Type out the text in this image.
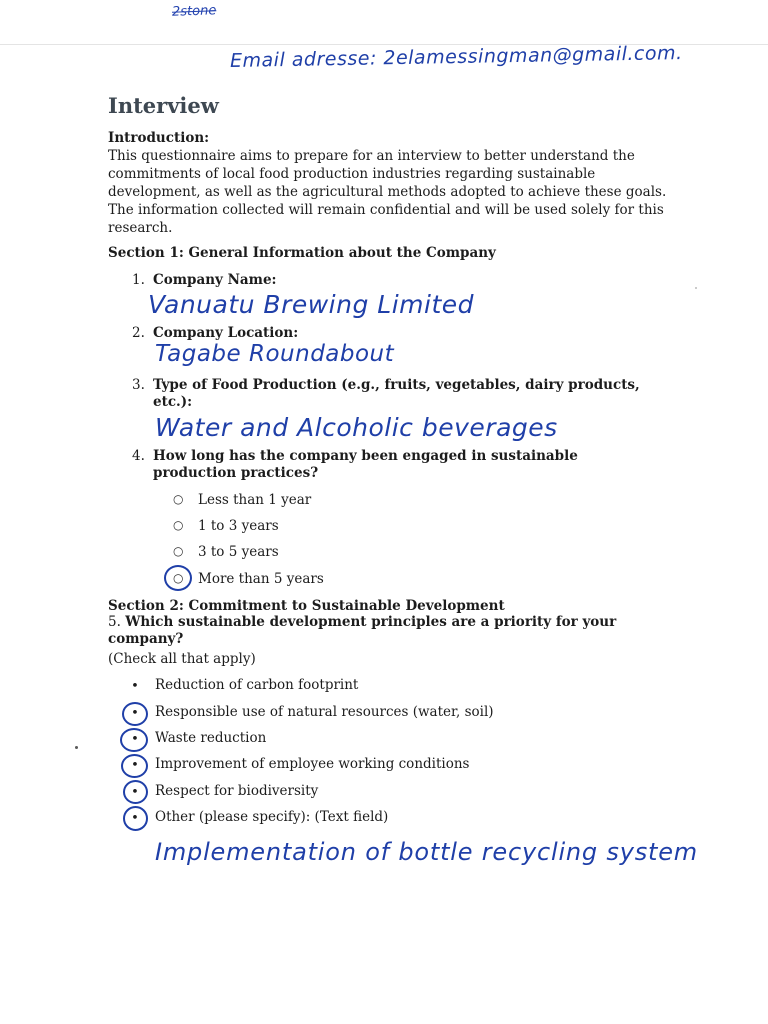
2stone
Email adresse: 2elamessingman@gmail.com.
Interview
Introduction:
This questionnaire aims to prepare for an interview to better understand the commitments of local food production industries regarding sustainable development, as well as the agricultural methods adopted to achieve these goals. The information collected will remain confidential and will be used solely for this research.
Section 1: General Information about the Company
1. Company Name:
Vanuatu Brewing Limited
2. Company Location:
Tagabe Roundabout
3. Type of Food Production (e.g., fruits, vegetables, dairy products, etc.):
Water and Alcoholic beverages
4. How long has the company been engaged in sustainable production practices?
○ Less than 1 year
○ 1 to 3 years
○ 3 to 5 years
○ More than 5 years
Section 2: Commitment to Sustainable Development
5. Which sustainable development principles are a priority for your company?
(Check all that apply)
• Reduction of carbon footprint
• Responsible use of natural resources (water, soil)
• Waste reduction
• Improvement of employee working conditions
• Respect for biodiversity
• Other (please specify): (Text field)
Implementation of bottle recycling system
